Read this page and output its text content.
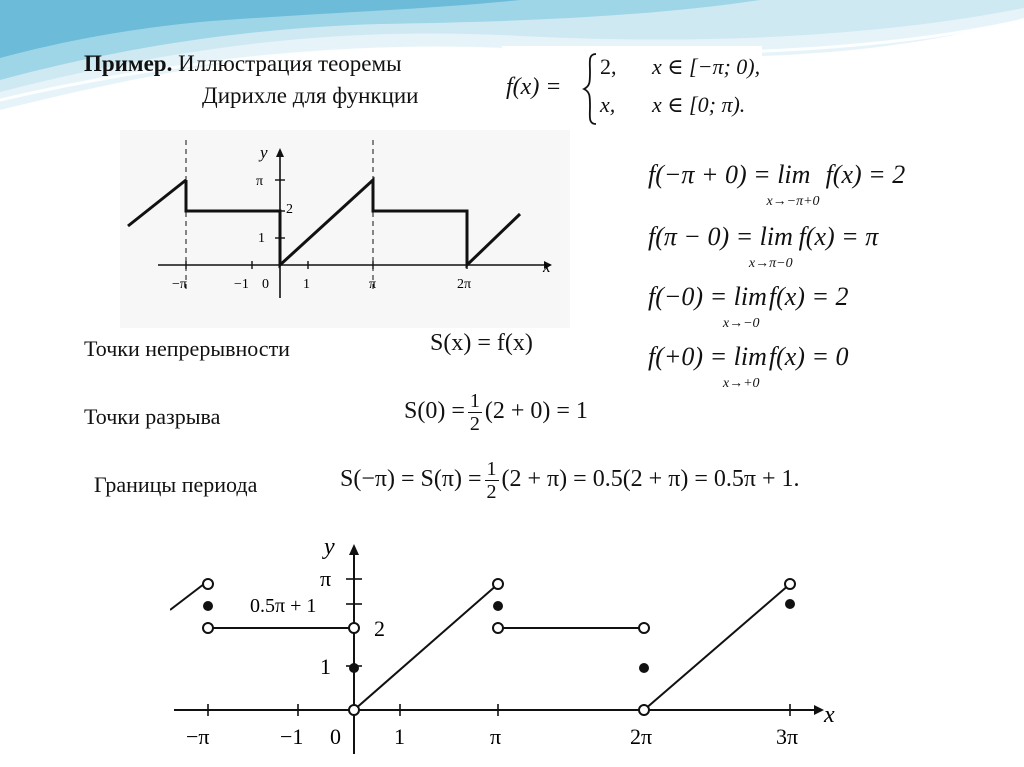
Пример. Иллюстрация теоремы
Дирихле для функции	f(x) =
2, x ∈ [−π; 0),
x, x ∈ [0; π).
y
x
π
2
1
−π	−1 0 1	π	2π
f(−π + 0) = limx→−π+0f(x) = 2
f(π − 0) = limx→π−0f(x) = π
f(−0) = limx→−0f(x) = 2
f(+0) = limx→+0f(x) = 0
Точки непрерывности	S(x) = f(x)
Точки разрыва	$S(0) = \frac{1}{2} (2 + 0) = 1$
Границы периода	$S(-\pi) = S(\pi) = \frac{1}{2} (2 + \pi) = 0.5(2 + \pi) = 0.5\pi + 1$.
y
x
π
0.5π + 1
2
1
−π	−1 0 1	π	2π	3π
